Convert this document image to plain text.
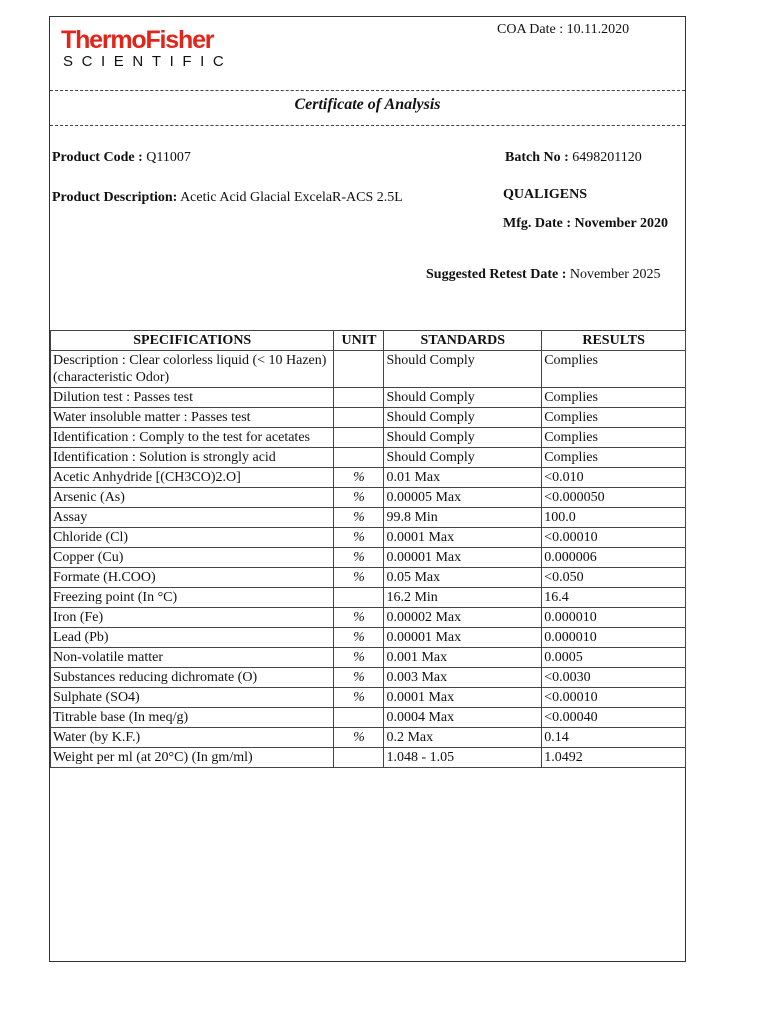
ThermoFisher
SCIENTIFIC
COA Date : 10.11.2020
Certificate of Analysis
Product Code : Q11007	Batch No : 6498201120
Product Description: Acetic Acid Glacial ExcelaR-ACS 2.5L	QUALIGENS
Mfg. Date : November 2020
Suggested Retest Date : November 2025
SPECIFICATIONS	UNIT	STANDARDS	RESULTS
Description : Clear colorless liquid (< 10 Hazen) (characteristic Odor)		Should Comply	Complies
Dilution test : Passes test		Should Comply	Complies
Water insoluble matter : Passes test		Should Comply	Complies
Identification : Comply to the test for acetates		Should Comply	Complies
Identification : Solution is strongly acid		Should Comply	Complies
Acetic Anhydride [(CH3CO)2.O]	%	0.01 Max	<0.010
Arsenic (As)	%	0.00005 Max	<0.000050
Assay	%	99.8 Min	100.0
Chloride (Cl)	%	0.0001 Max	<0.00010
Copper (Cu)	%	0.00001 Max	0.000006
Formate (H.COO)	%	0.05 Max	<0.050
Freezing point (In °C)		16.2 Min	16.4
Iron (Fe)	%	0.00002 Max	0.000010
Lead (Pb)	%	0.00001 Max	0.000010
Non-volatile matter	%	0.001 Max	0.0005
Substances reducing dichromate (O)	%	0.003 Max	<0.0030
Sulphate (SO4)	%	0.0001 Max	<0.00010
Titrable base (In meq/g)		0.0004 Max	<0.00040
Water (by K.F.)	%	0.2 Max	0.14
Weight per ml (at 20°C) (In gm/ml)		1.048 - 1.05	1.0492
